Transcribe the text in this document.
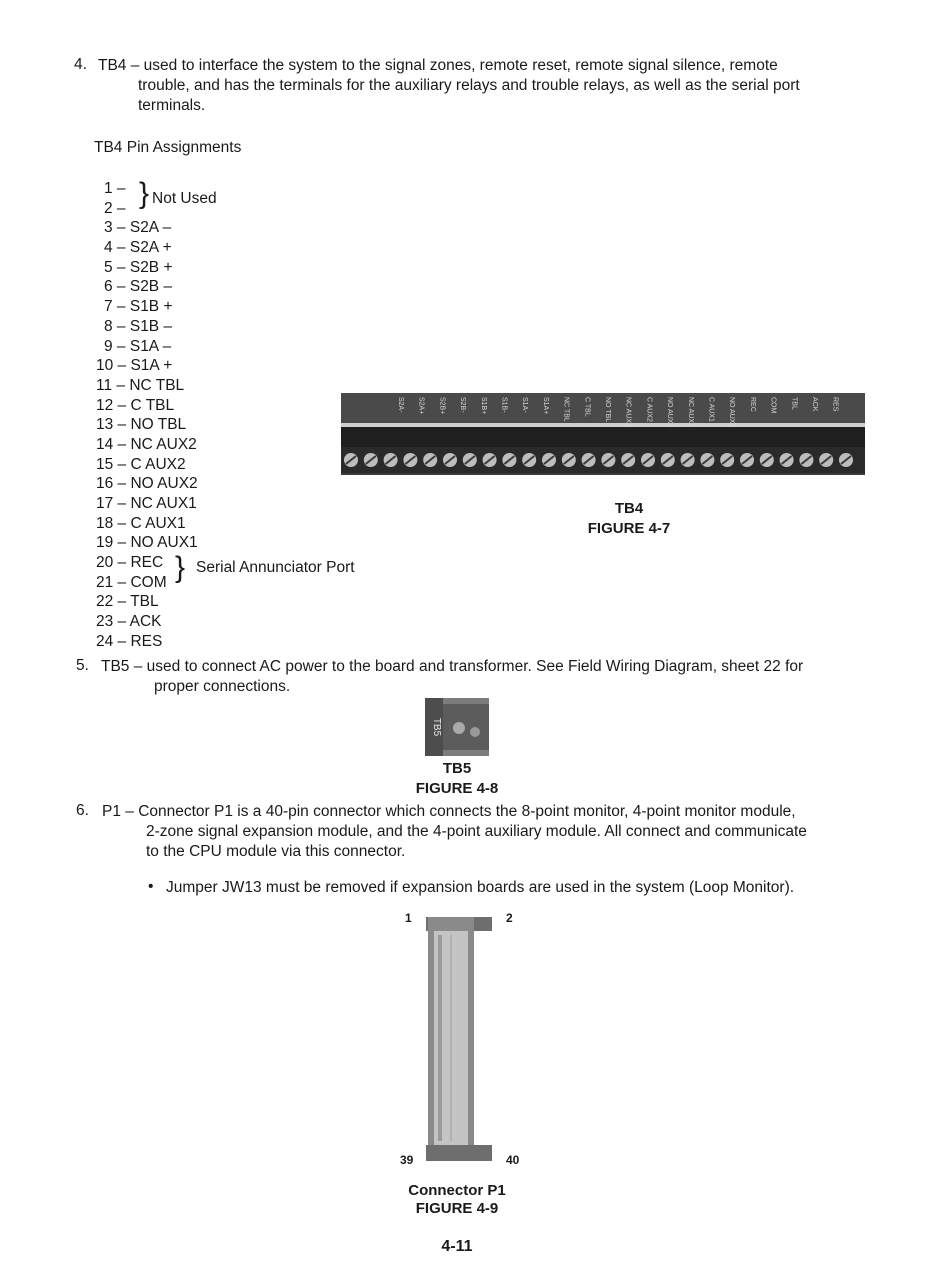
4. TB4 – used to interface the system to the signal zones, remote reset, remote signal silence, remote
trouble, and has the terminals for the auxiliary relays and trouble relays, as well as the serial port
terminals.
TB4 Pin Assignments
1 –
2 –
3 – S2A –
4 – S2A +
5 – S2B +
6 – S2B –
7 – S1B +
8 – S1B –
9 – S1A –
10 – S1A +
11 – NC TBL
12 – C TBL
13 – NO TBL
14 – NC AUX2
15 – C AUX2
16 – NO AUX2
17 – NC AUX1
18 – C AUX1
19 – NO AUX1
20 – REC
21 – COM
22 – TBL
23 – ACK
24 – RES
} Not Used
} Serial Annunciator Port
S2A- S2A+ S2B+ S2B- S1B+ S1B- S1A- S1A+ NC TBL C TBL NO TBL NC AUX2 C AUX2 NO AUX2 NC AUX1 C AUX1 NO AUX1 REC COM TBL ACK RES
TB4
FIGURE 4-7
5. TB5 – used to connect AC power to the board and transformer. See Field Wiring Diagram, sheet 22 for
proper connections.
TB5
TB5
FIGURE 4-8
6. P1 – Connector P1 is a 40-pin connector which connects the 8-point monitor, 4-point monitor module,
2-zone signal expansion module, and the 4-point auxiliary module. All connect and communicate
to the CPU module via this connector.
• Jumper JW13 must be removed if expansion boards are used in the system (Loop Monitor).
1	2
39	40
Connector P1
FIGURE 4-9
4-11
